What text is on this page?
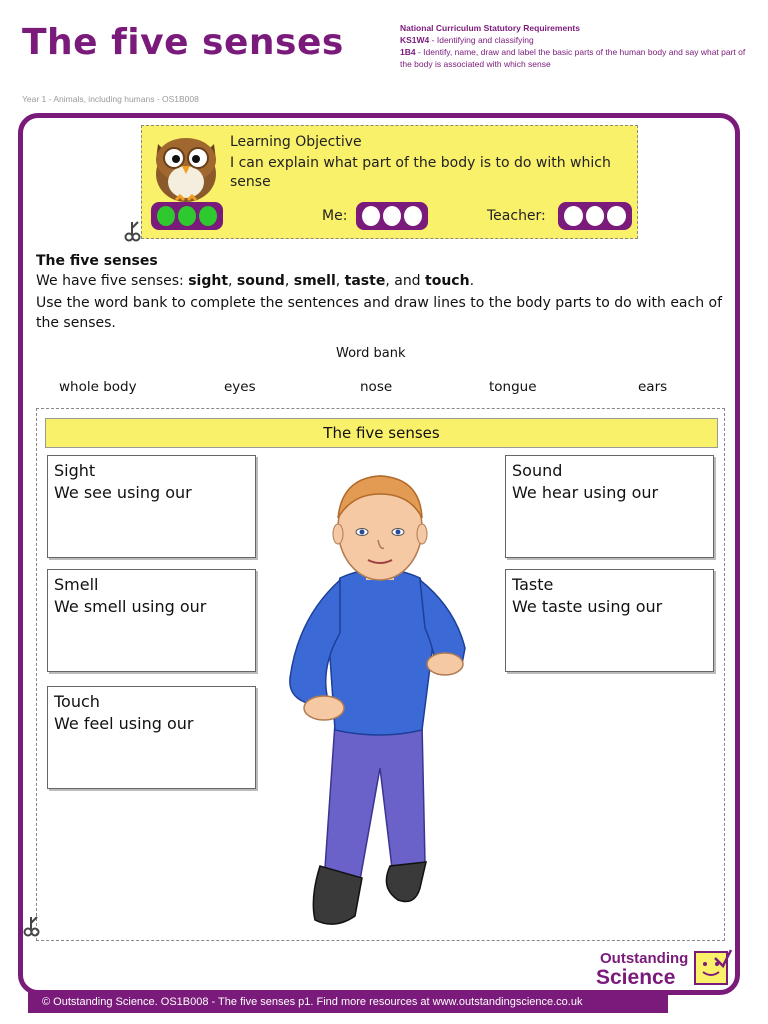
The five senses	National Curriculum Statutory Requirements
KS1W4 - Identifying and classifying
1B4 - Identify, name, draw and label the basic parts of the human body and say what part of the body is associated with which sense
Year 1 - Animals, including humans - OS1B008
Learning Objective
I can explain what part of the body is to do with which sense
Me:	Teacher:
The five senses
We have five senses: sight, sound, smell, taste, and touch.
Use the word bank to complete the sentences and draw lines to the body parts to do with each of the senses.
Word bank
whole body	eyes	nose	tongue	ears
The five senses
Sight
We see using our
Sound
We hear using our
Smell
We smell using our
Taste
We taste using our
Touch
We feel using our
Outstanding
Science
© Outstanding Science. OS1B008 - The five senses p1. Find more resources at www.outstandingscience.co.uk
